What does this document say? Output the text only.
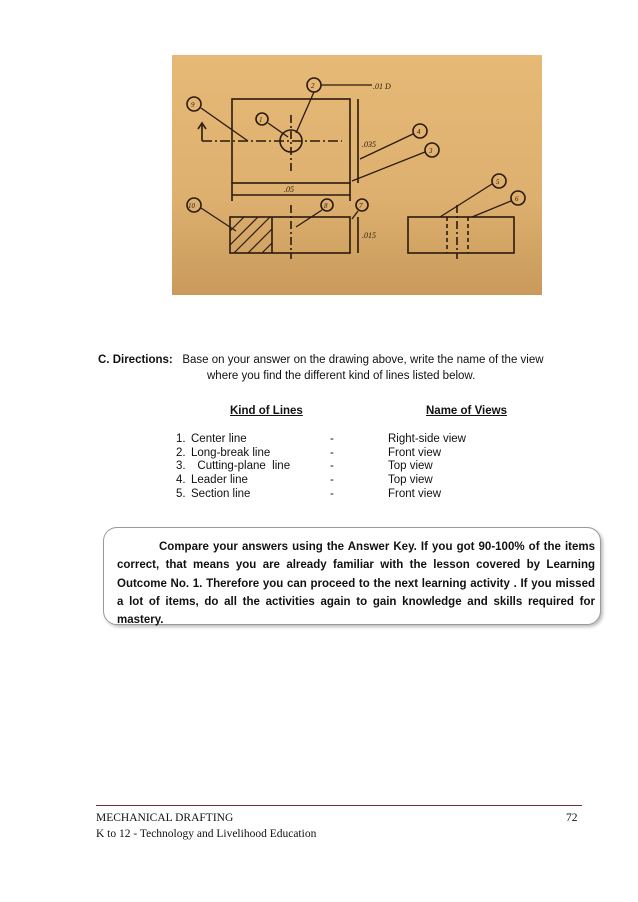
.01 D
.035
.05
.015
1
2
3
4
5
6
7
8
9
10
C. Directions: Base on your answer on the drawing above, write the name of the view
where you find the different kind of lines listed below.
Kind of Lines	Name of Views
1. Center line	-	Right-side view
2. Long-break line	-	Front view
3. Cutting-plane  line	-	Top view
4. Leader line	-	Top view
5. Section line	-	Front view
Compare your answers using the Answer Key. If you got 90-100% of the items correct, that means you are already familiar with the lesson covered by Learning Outcome No. 1. Therefore you can proceed to the next learning activity . If you missed a lot of items, do all the activities again to gain knowledge and skills required for mastery.
MECHANICAL DRAFTING	72
K to 12 - Technology and Livelihood Education
